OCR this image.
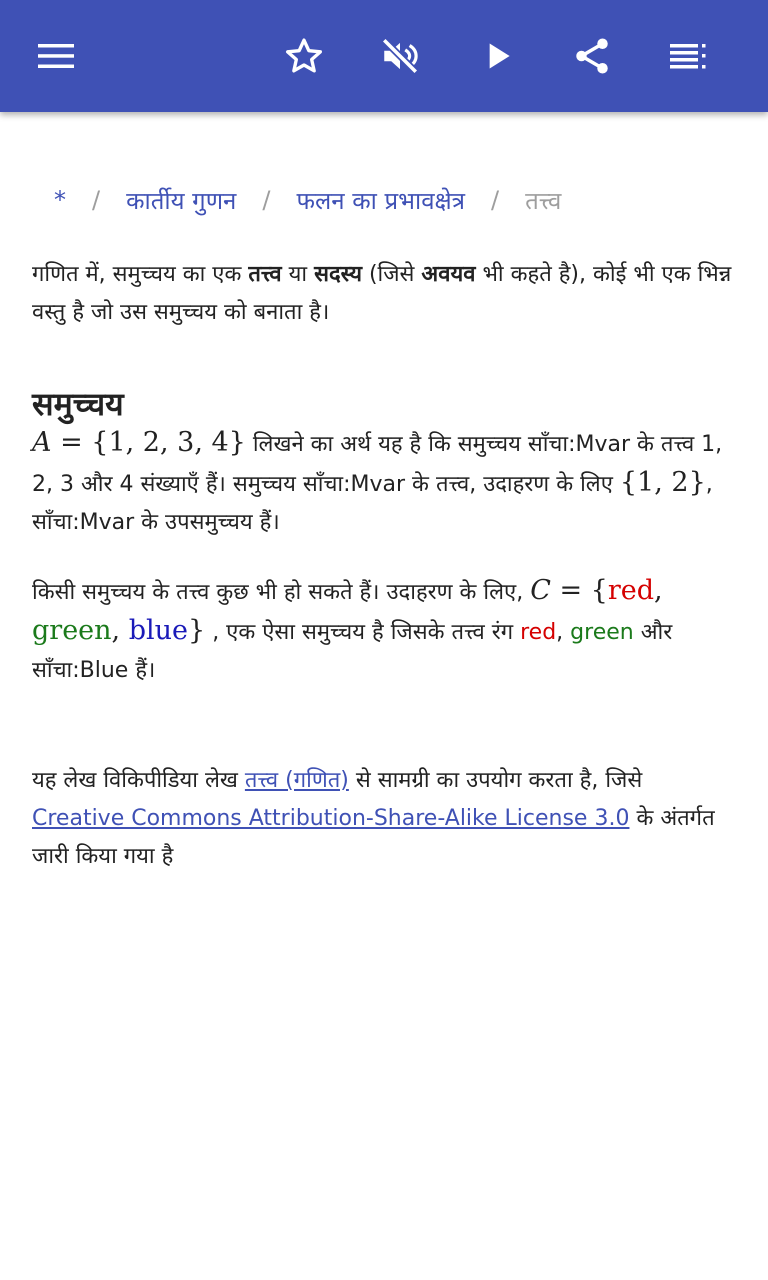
* / कार्तीय गुणन / फलन का प्रभावक्षेत्र / तत्त्व

गणित में, समुच्चय का एक तत्त्व या सदस्य (जिसे अवयव भी कहते है), कोई भी एक भिन्न वस्तु है जो उस समुच्चय को बनाता है।

समुच्चय

A = {1, 2, 3, 4} लिखने का अर्थ यह है कि समुच्चय साँचा:Mvar के तत्त्व 1, 2, 3 और 4 संख्याएँ हैं। समुच्चय साँचा:Mvar के तत्त्व, उदाहरण के लिए {1, 2}, साँचा:Mvar के उपसमुच्चय हैं।

किसी समुच्चय के तत्त्व कुछ भी हो सकते हैं। उदाहरण के लिए, C = {red, green, blue} , एक ऐसा समुच्चय है जिसके तत्त्व रंग red, green और साँचा:Blue हैं।

यह लेख विकिपीडिया लेख तत्त्व (गणित) से सामग्री का उपयोग करता है, जिसे Creative Commons Attribution-Share-Alike License 3.0 के अंतर्गत जारी किया गया है
